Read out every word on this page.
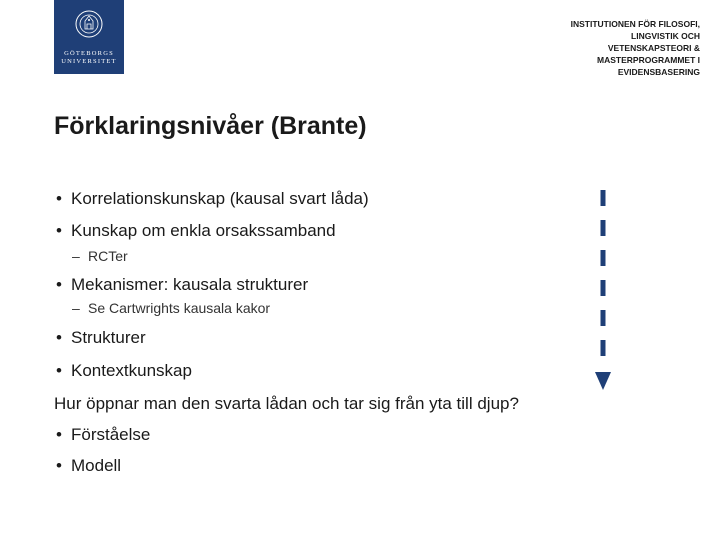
GÖTEBORGS
UNIVERSITET
INSTITUTIONEN FÖR FILOSOFI,
LINGVISTIK OCH
VETENSKAPSTEORI &
MASTERPROGRAMMET I
EVIDENSBASERING
Förklaringsnivåer (Brante)
• Korrelationskunskap (kausal svart låda)
• Kunskap om enkla orsakssamband
– RCTer
• Mekanismer: kausala strukturer
– Se Cartwrights kausala kakor
• Strukturer
• Kontextkunskap
Hur öppnar man den svarta lådan och tar sig från yta till djup?
• Förståelse
• Modell
